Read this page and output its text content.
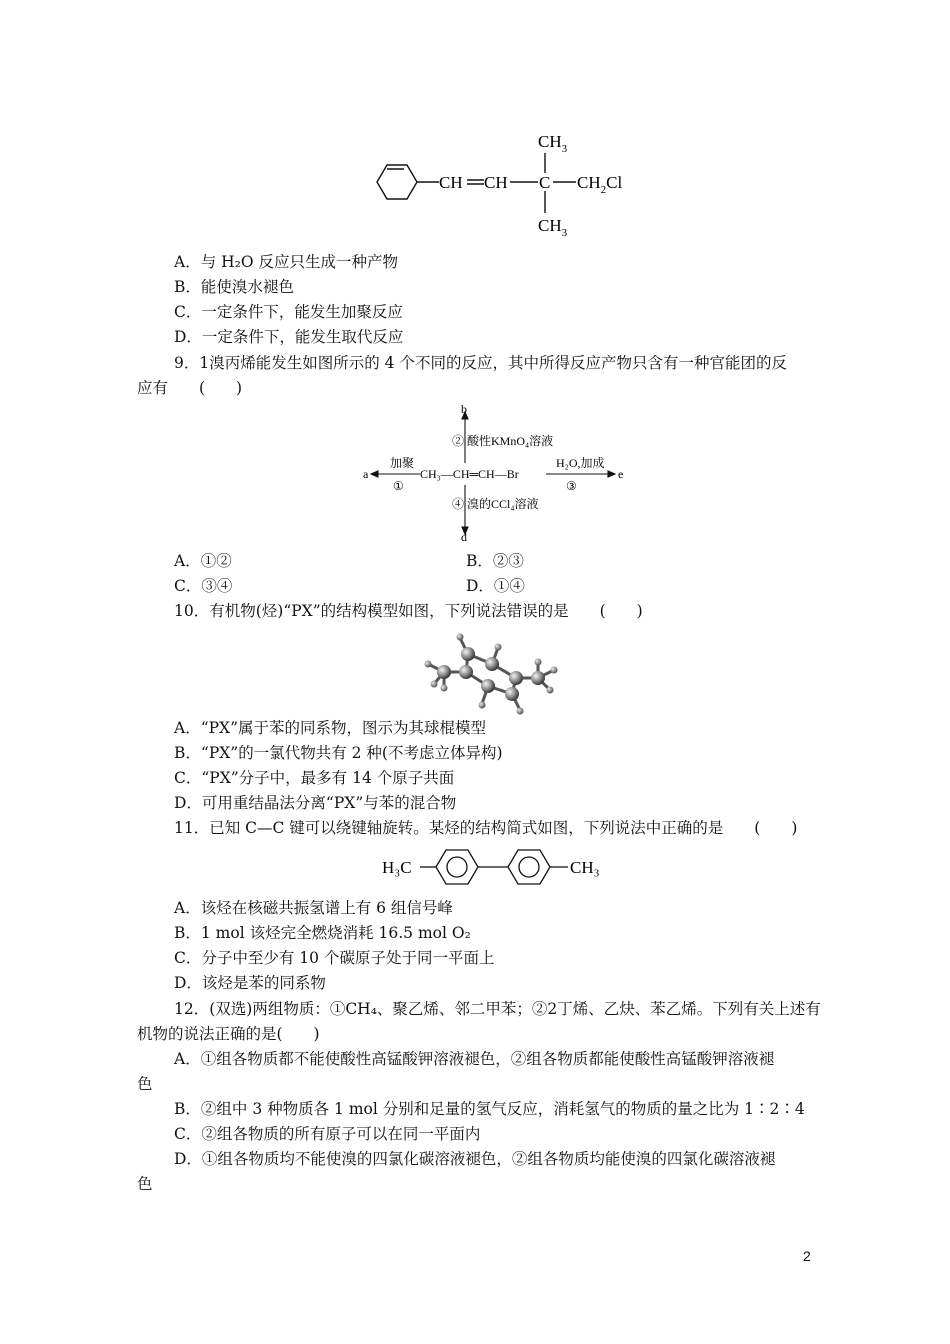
$CH_3$
CH CH C $CH_2Cl$
$CH_3$
A．与 H₂O 反应只生成一种产物
B．能使溴水褪色
C．一定条件下，能发生加聚反应
D．一定条件下，能发生取代反应
9．1溴丙烯能发生如图所示的 4 个不同的反应，其中所得反应产物只含有一种官能团的反
应有　　(　　)
b
② 酸性KMnO₄溶液
a
加聚
①
CH₃—CH═CH—Br
H₂O,加成
③
e
④ 溴的CCl₄溶液
d
A．①②	B．②③
C．③④	D．①④
10．有机物(烃)“PX”的结构模型如图，下列说法错误的是　　(　　)
A．“PX”属于苯的同系物，图示为其球棍模型
B．“PX”的一氯代物共有 2 种(不考虑立体异构)
C．“PX”分子中，最多有 14 个原子共面
D．可用重结晶法分离“PX”与苯的混合物
11．已知 C—C 键可以绕键轴旋转。某烃的结构简式如图，下列说法中正确的是　　(　　)
H₃C	CH₃
A．该烃在核磁共振氢谱上有 6 组信号峰
B．1 mol 该烃完全燃烧消耗 16.5 mol O₂
C．分子中至少有 10 个碳原子处于同一平面上
D．该烃是苯的同系物
12．(双选)两组物质：①CH₄、聚乙烯、邻二甲苯；②2丁烯、乙炔、苯乙烯。下列有关上述有
机物的说法正确的是(　　)
A．①组各物质都不能使酸性高锰酸钾溶液褪色，②组各物质都能使酸性高锰酸钾溶液褪
色
B．②组中 3 种物质各 1 mol 分别和足量的氢气反应，消耗氢气的物质的量之比为 1∶2∶4
C．②组各物质的所有原子可以在同一平面内
D．①组各物质均不能使溴的四氯化碳溶液褪色，②组各物质均能使溴的四氯化碳溶液褪
色
2
